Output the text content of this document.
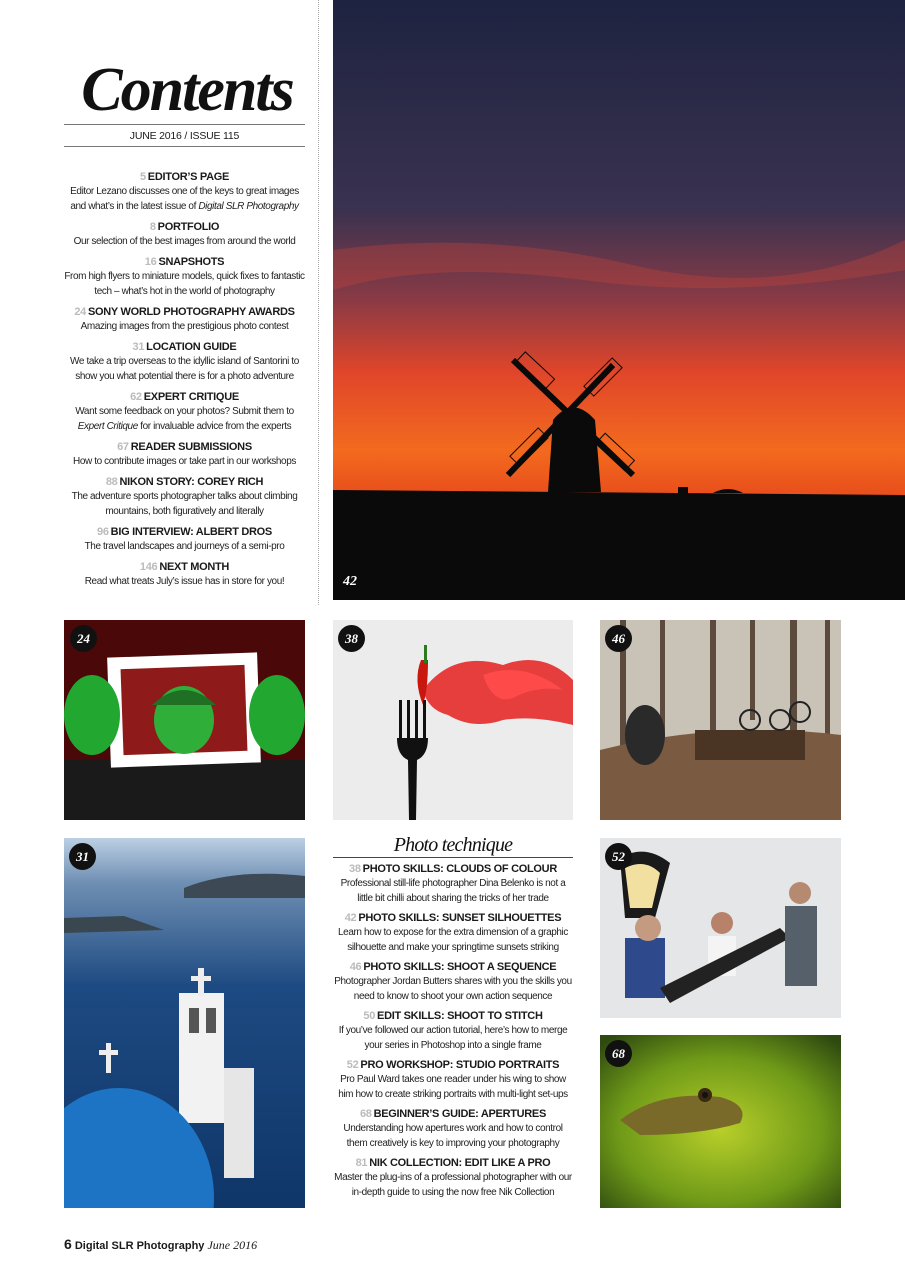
Contents
JUNE 2016 / ISSUE 115
5 EDITOR’S PAGE
Editor Lezano discusses one of the keys to great images and what’s in the latest issue of Digital SLR Photography
8 PORTFOLIO
Our selection of the best images from around the world
16 SNAPSHOTS
From high flyers to miniature models, quick fixes to fantastic tech – what’s hot in the world of photography
24 SONY WORLD PHOTOGRAPHY AWARDS
Amazing images from the prestigious photo contest
31 LOCATION GUIDE
We take a trip overseas to the idyllic island of Santorini to show you what potential there is for a photo adventure
62 EXPERT CRITIQUE
Want some feedback on your photos? Submit them to Expert Critique for invaluable advice from the experts
67 READER SUBMISSIONS
How to contribute images or take part in our workshops
88 NIKON STORY: COREY RICH
The adventure sports photographer talks about climbing mountains, both figuratively and literally
96 BIG INTERVIEW: ALBERT DROS
The travel landscapes and journeys of a semi-pro
146 NEXT MONTH
Read what treats July’s issue has in store for you!	42
24	38	46
31
Photo technique
38 PHOTO SKILLS: CLOUDS OF COLOUR
Professional still-life photographer Dina Belenko is not a little bit chilli about sharing the tricks of her trade
42 PHOTO SKILLS: SUNSET SILHOUETTES
Learn how to expose for the extra dimension of a graphic silhouette and make your springtime sunsets striking
46 PHOTO SKILLS: SHOOT A SEQUENCE
Photographer Jordan Butters shares with you the skills you need to know to shoot your own action sequence
50 EDIT SKILLS: SHOOT TO STITCH
If you’ve followed our action tutorial, here’s how to merge your series in Photoshop into a single frame
52 PRO WORKSHOP: STUDIO PORTRAITS
Pro Paul Ward takes one reader under his wing to show him how to create striking portraits with multi-light set-ups
68 BEGINNER’S GUIDE: APERTURES
Understanding how apertures work and how to control them creatively is key to improving your photography
81 NIK COLLECTION: EDIT LIKE A PRO
Master the plug-ins of a professional photographer with our in-depth guide to using the now free Nik Collection
52
68
6 Digital SLR Photography June 2016
